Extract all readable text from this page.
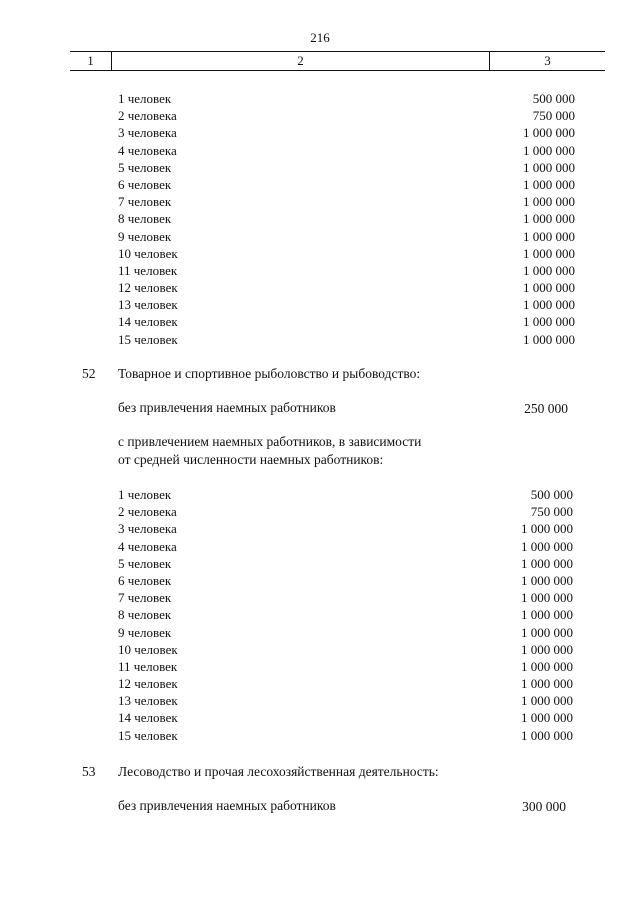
216
1	2	3
1 человек	500 000
2 человека	750 000
3 человека	1 000 000
4 человека	1 000 000
5 человек	1 000 000
6 человек	1 000 000
7 человек	1 000 000
8 человек	1 000 000
9 человек	1 000 000
10 человек	1 000 000
11 человек	1 000 000
12 человек	1 000 000
13 человек	1 000 000
14 человек	1 000 000
15 человек	1 000 000
52 Товарное и спортивное рыболовство и рыбоводство:
без привлечения наемных работников	250 000
с привлечением наемных работников, в зависимости
от средней численности наемных работников:
1 человек	500 000
2 человека	750 000
3 человека	1 000 000
4 человека	1 000 000
5 человек	1 000 000
6 человек	1 000 000
7 человек	1 000 000
8 человек	1 000 000
9 человек	1 000 000
10 человек	1 000 000
11 человек	1 000 000
12 человек	1 000 000
13 человек	1 000 000
14 человек	1 000 000
15 человек	1 000 000
53 Лесоводство и прочая лесохозяйственная деятельность:
без привлечения наемных работников	300 000
